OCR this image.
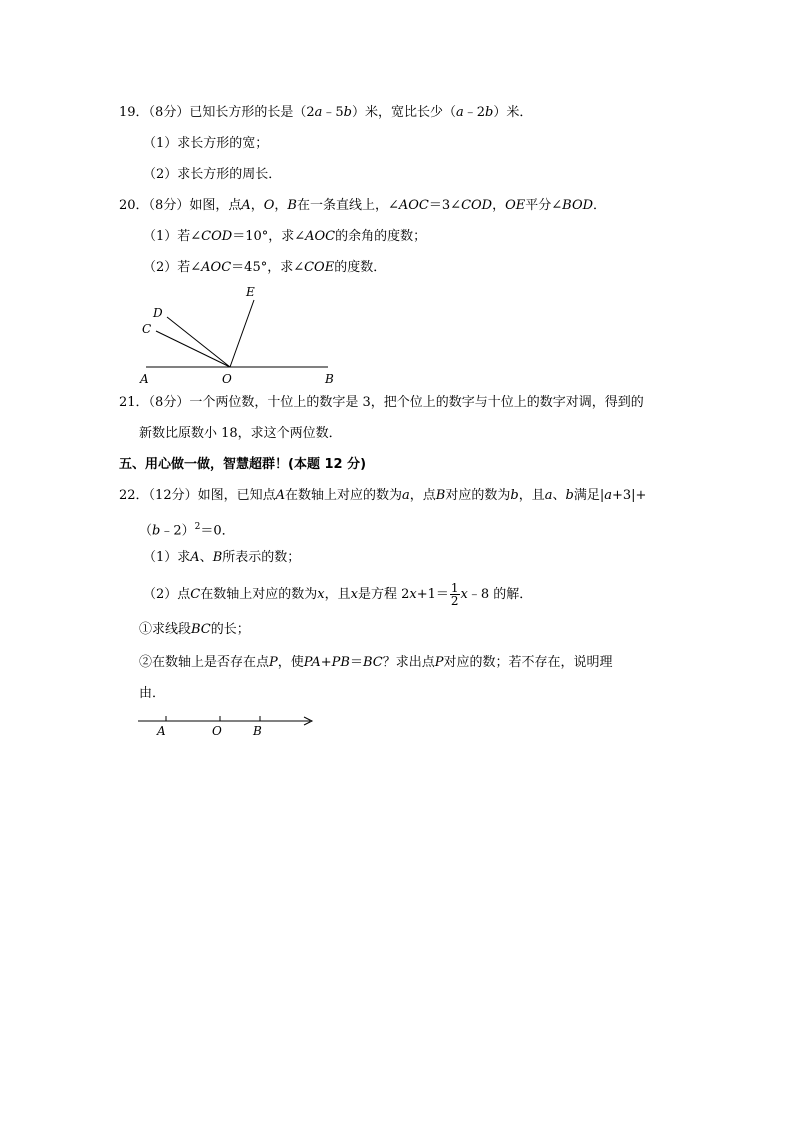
19．（8分）已知长方形的长是（2a﹣5b）米，宽比长少（a﹣2b）米．
（1）求长方形的宽；
（2）求长方形的周长．
20．（8分）如图，点A，O，B在一条直线上，∠AOC＝3∠COD，OE平分∠BOD．
（1）若∠COD＝10°，求∠AOC的余角的度数；
（2）若∠AOC＝45°，求∠COE的度数．
E
D
C
A	O	B
21．（8分）一个两位数，十位上的数字是 3，把个位上的数字与十位上的数字对调，得到的
新数比原数小 18，求这个两位数．
五、用心做一做，智慧超群！(本题 12 分)
22．（12分）如图，已知点A在数轴上对应的数为a，点B对应的数为b，且a、b满足|a+3|+
（b﹣2）$^2$＝0．
（1）求A、B所表示的数；
（2）点C在数轴上对应的数为x，且x是方程 $2x+1= \frac{1}{2}$ x﹣8 的解．
①求线段BC的长；
②在数轴上是否存在点P，使PA+PB＝BC？求出点P对应的数；若不存在，说明理
由．
A	O	B
